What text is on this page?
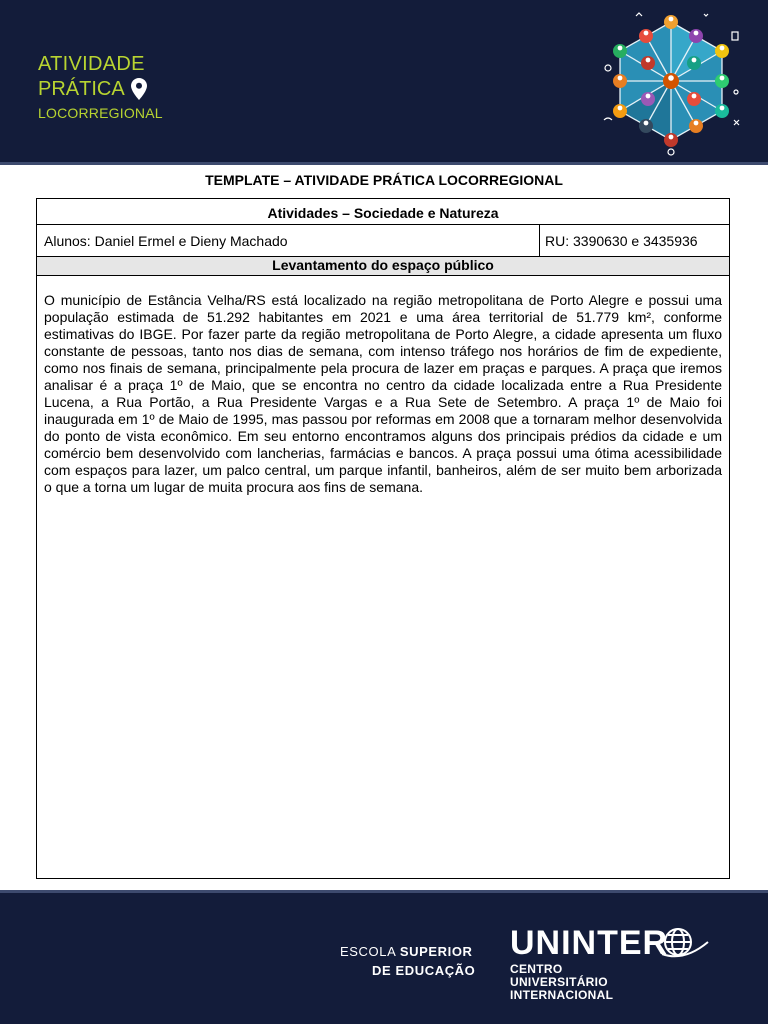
ATIVIDADE
PRÁTICA
LOCORREGIONAL
TEMPLATE – ATIVIDADE PRÁTICA LOCORREGIONAL
Atividades – Sociedade e Natureza
Alunos: Daniel Ermel e Dieny Machado	RU: 3390630 e 3435936
Levantamento do espaço público
O município de Estância Velha/RS está localizado na região metropolitana de Porto Alegre e possui uma população estimada de 51.292 habitantes em 2021 e uma área territorial de 51.779 km², conforme estimativas do IBGE. Por fazer parte da região metropolitana de Porto Alegre, a cidade apresenta um fluxo constante de pessoas, tanto nos dias de semana, com intenso tráfego nos horários de fim de expediente, como nos finais de semana, principalmente pela procura de lazer em praças e parques. A praça que iremos analisar é a praça 1º de Maio, que se encontra no centro da cidade localizada entre a Rua Presidente Lucena, a Rua Portão, a Rua Presidente Vargas e a Rua Sete de Setembro. A praça 1º de Maio foi inaugurada em 1º de Maio de 1995, mas passou por reformas em 2008 que a tornaram melhor desenvolvida do ponto de vista econômico. Em seu entorno encontramos alguns dos principais prédios da cidade e um comércio bem desenvolvido com lancherias, farmácias e bancos. A praça possui uma ótima acessibilidade com espaços para lazer, um palco central, um parque infantil, banheiros, além de ser muito bem arborizada o que a torna um lugar de muita procura aos fins de semana.
ESCOLA SUPERIOR
DE EDUCAÇÃO
UNINTER
CENTRO
UNIVERSITÁRIO
INTERNACIONAL
